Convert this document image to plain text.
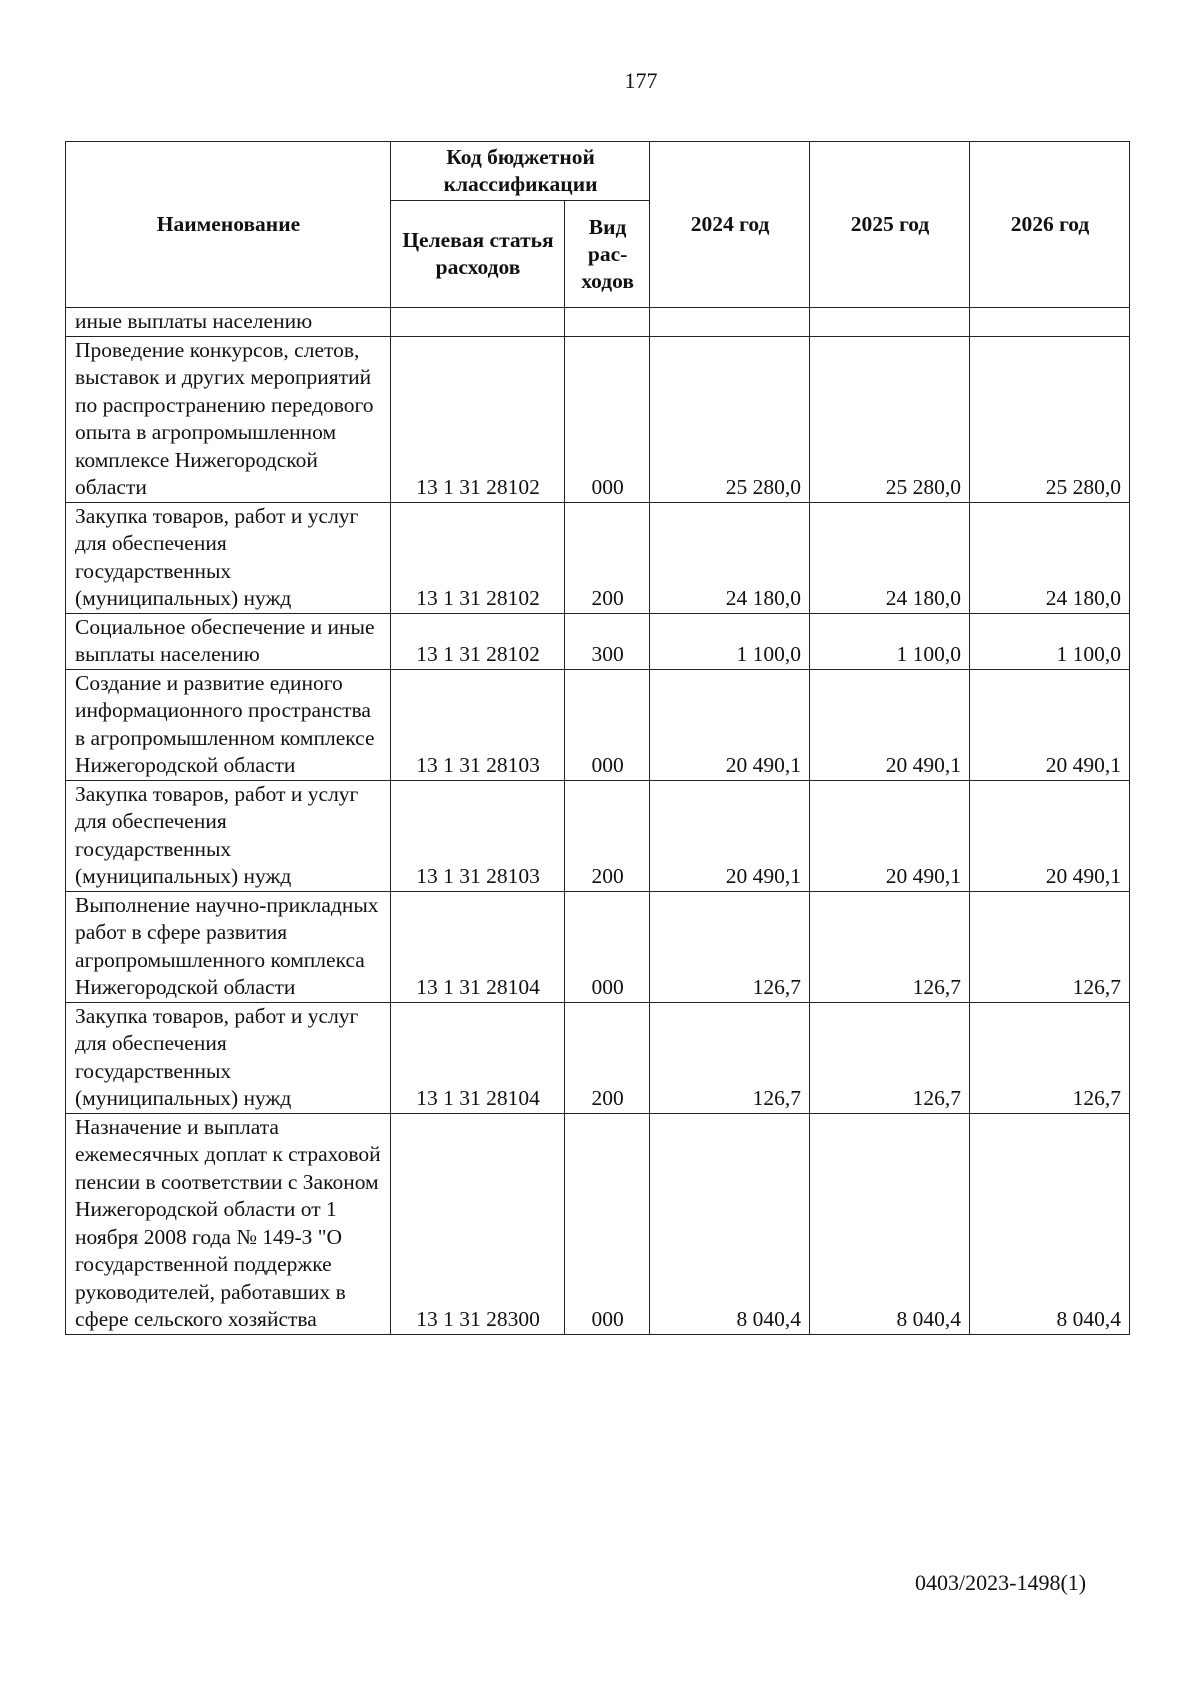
177
Наименование	Код бюджетной классификации		2024 год	2025 год	2026 год
	Целевая статья расходов	Вид рас-ходов			
иные выплаты населению					
Проведение конкурсов, слетов, выставок и других мероприятий по распространению передового опыта в агропромышленном комплексе Нижегородской области	13 1 31 28102	000	25 280,0	25 280,0	25 280,0
Закупка товаров, работ и услуг для обеспечения государственных (муниципальных) нужд	13 1 31 28102	200	24 180,0	24 180,0	24 180,0
Социальное обеспечение и иные выплаты населению	13 1 31 28102	300	1 100,0	1 100,0	1 100,0
Создание и развитие единого информационного пространства в агропромышленном комплексе Нижегородской области	13 1 31 28103	000	20 490,1	20 490,1	20 490,1
Закупка товаров, работ и услуг для обеспечения государственных (муниципальных) нужд	13 1 31 28103	200	20 490,1	20 490,1	20 490,1
Выполнение научно-прикладных работ в сфере развития агропромышленного комплекса Нижегородской области	13 1 31 28104	000	126,7	126,7	126,7
Закупка товаров, работ и услуг для обеспечения государственных (муниципальных) нужд	13 1 31 28104	200	126,7	126,7	126,7
Назначение и выплата ежемесячных доплат к страховой пенсии в соответствии с Законом Нижегородской области от 1 ноября 2008 года № 149-З "О государственной поддержке руководителей, работавших в сфере сельского хозяйства	13 1 31 28300	000	8 040,4	8 040,4	8 040,4
0403/2023-1498(1)
